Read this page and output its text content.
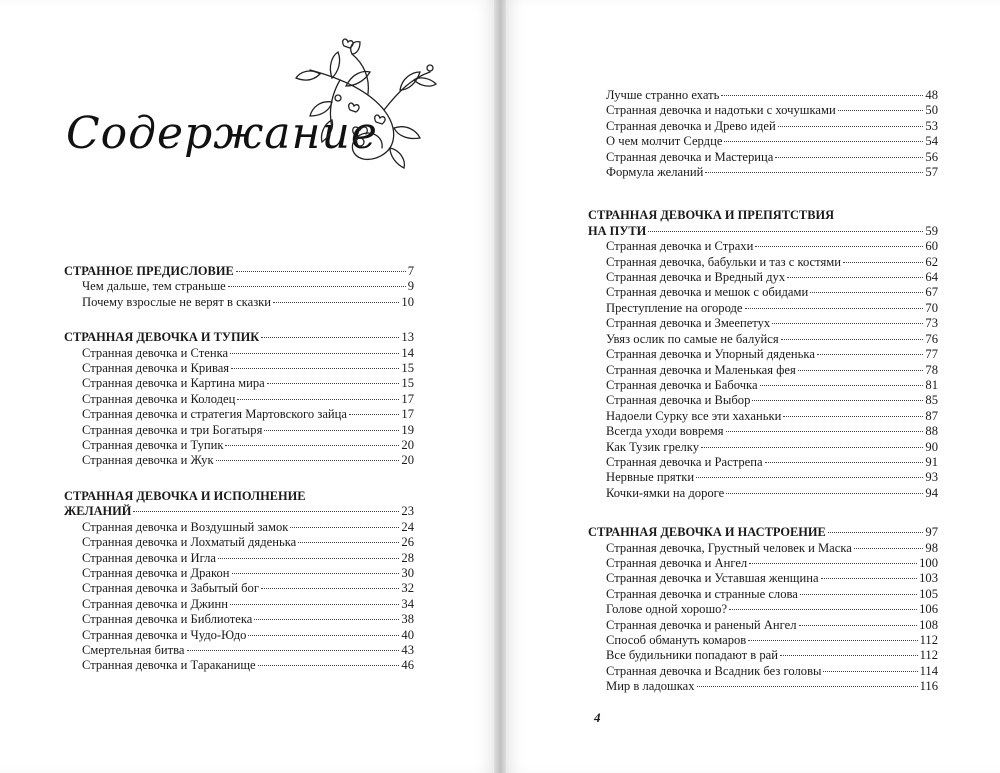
Содержание
СТРАННОЕ ПРЕДИСЛОВИЕ	7
Чем дальше, тем страньше	9
Почему взрослые не верят в сказки	10
СТРАННАЯ ДЕВОЧКА И ТУПИК	13
Странная девочка и Стенка	14
Странная девочка и Кривая	15
Странная девочка и Картина мира	15
Странная девочка и Колодец	17
Странная девочка и стратегия Мартовского зайца	17
Странная девочка и три Богатыря	19
Странная девочка и Тупик	20
Странная девочка и Жук	20
СТРАННАЯ ДЕВОЧКА И ИСПОЛНЕНИЕ
ЖЕЛАНИЙ	23
Странная девочка и Воздушный замок	24
Странная девочка и Лохматый дяденька	26
Странная девочка и Игла	28
Странная девочка и Дракон	30
Странная девочка и Забытый бог	32
Странная девочка и Джинн	34
Странная девочка и Библиотека	38
Странная девочка и Чудо-Юдо	40
Смертельная битва	43
Странная девочка и Тараканище	46
Лучше странно ехать	48
Странная девочка и надотьки с хочушками	50
Странная девочка и Древо идей	53
О чем молчит Сердце	54
Странная девочка и Мастерица	56
Формула желаний	57
СТРАННАЯ ДЕВОЧКА И ПРЕПЯТСТВИЯ
НА ПУТИ	59
Странная девочка и Страхи	60
Странная девочка, бабульки и таз с костями	62
Странная девочка и Вредный дух	64
Странная девочка и мешок с обидами	67
Преступление на огороде	70
Странная девочка и Змеепетух	73
Увяз ослик по самые не балуйся	76
Странная девочка и Упорный дяденька	77
Странная девочка и Маленькая фея	78
Странная девочка и Бабочка	81
Странная девочка и Выбор	85
Надоели Сурку все эти хаханьки	87
Всегда уходи вовремя	88
Как Тузик грелку	90
Странная девочка и Растрепа	91
Нервные прятки	93
Кочки-ямки на дороге	94
СТРАННАЯ ДЕВОЧКА И НАСТРОЕНИЕ	97
Странная девочка, Грустный человек и Маска	98
Странная девочка и Ангел	100
Странная девочка и Уставшая женщина	103
Странная девочка и странные слова	105
Голове одной хорошо?	106
Странная девочка и раненый Ангел	108
Способ обмануть комаров	112
Все будильники попадают в рай	112
Странная девочка и Всадник без головы	114
Мир в ладошках	116
4
